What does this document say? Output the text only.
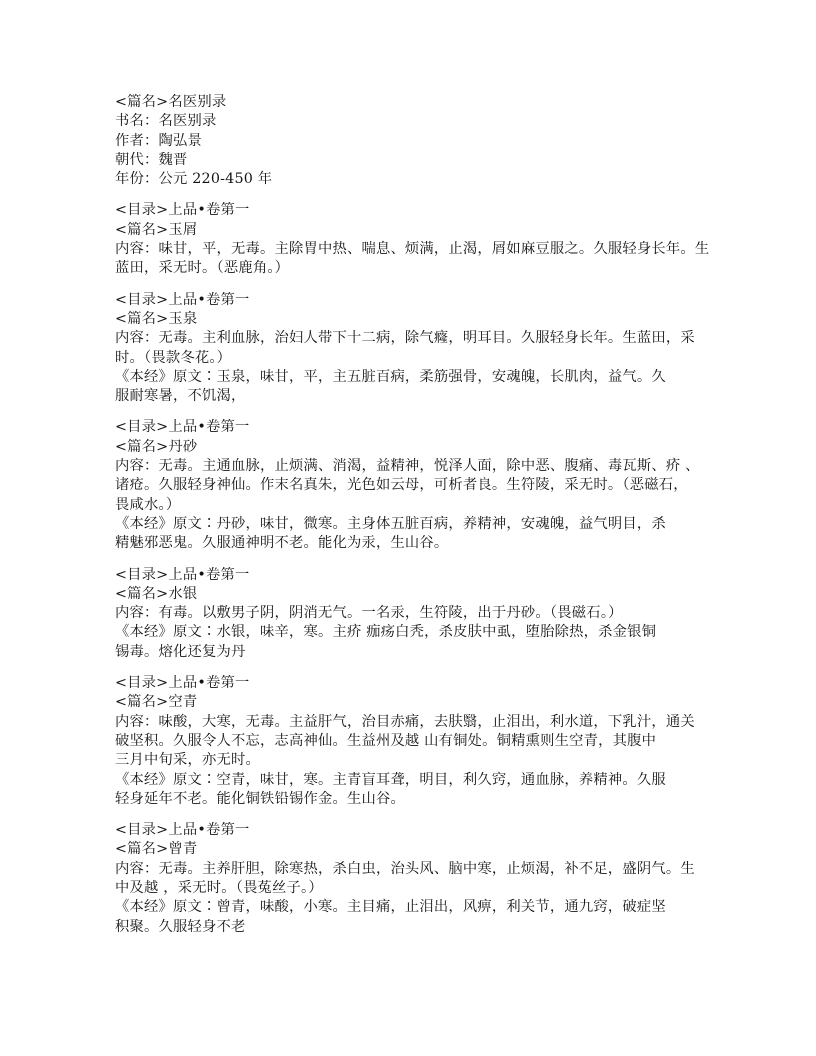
<篇名>名医别录
书名：名医别录
作者：陶弘景
朝代：魏晋
年份：公元 220-450 年
<目录>上品•卷第一
<篇名>玉屑
内容：味甘，平，无毒。主除胃中热、喘息、烦满，止渴，屑如麻豆服之。久服轻身长年。生
蓝田，采无时。（恶鹿角。）
<目录>上品•卷第一
<篇名>玉泉
内容：无毒。主利血脉，治妇人带下十二病，除气癃，明耳目。久服轻身长年。生蓝田，采
时。（畏款冬花。）
《本经》原文∶玉泉，味甘，平，主五脏百病，柔筋强骨，安魂魄，长肌肉，益气。久
服耐寒暑，不饥渴，
<目录>上品•卷第一
<篇名>丹砂
内容：无毒。主通血脉，止烦满、消渴，益精神，悦泽人面，除中恶、腹痛、毒瓦斯、疥 、
诸疮。久服轻身神仙。作末名真朱，光色如云母，可析者良。生符陵，采无时。（恶磁石，
畏咸水。）
《本经》原文∶丹砂，味甘，微寒。主身体五脏百病，养精神，安魂魄，益气明目，杀
精魅邪恶鬼。久服通神明不老。能化为汞，生山谷。
<目录>上品•卷第一
<篇名>水银
内容：有毒。以敷男子阴，阴消无气。一名汞，生符陵，出于丹砂。（畏磁石。）
《本经》原文∶水银，味辛，寒。主疥 痂疡白秃，杀皮肤中虱，堕胎除热，杀金银铜
锡毒。熔化还复为丹
<目录>上品•卷第一
<篇名>空青
内容：味酸，大寒，无毒。主益肝气，治目赤痛，去肤翳，止泪出，利水道，下乳汁，通关
破坚积。久服令人不忘，志高神仙。生益州及越 山有铜处。铜精熏则生空青，其腹中
三月中旬采，亦无时。
《本经》原文∶空青，味甘，寒。主青盲耳聋，明目，利久窍，通血脉，养精神。久服
轻身延年不老。能化铜铁铅锡作金。生山谷。
<目录>上品•卷第一
<篇名>曾青
内容：无毒。主养肝胆，除寒热，杀白虫，治头风、脑中寒，止烦渴，补不足，盛阴气。生
中及越 ，采无时。（畏菟丝子。）
《本经》原文∶曾青，味酸，小寒。主目痛，止泪出，风痹，利关节，通九窍，破症坚
积聚。久服轻身不老
